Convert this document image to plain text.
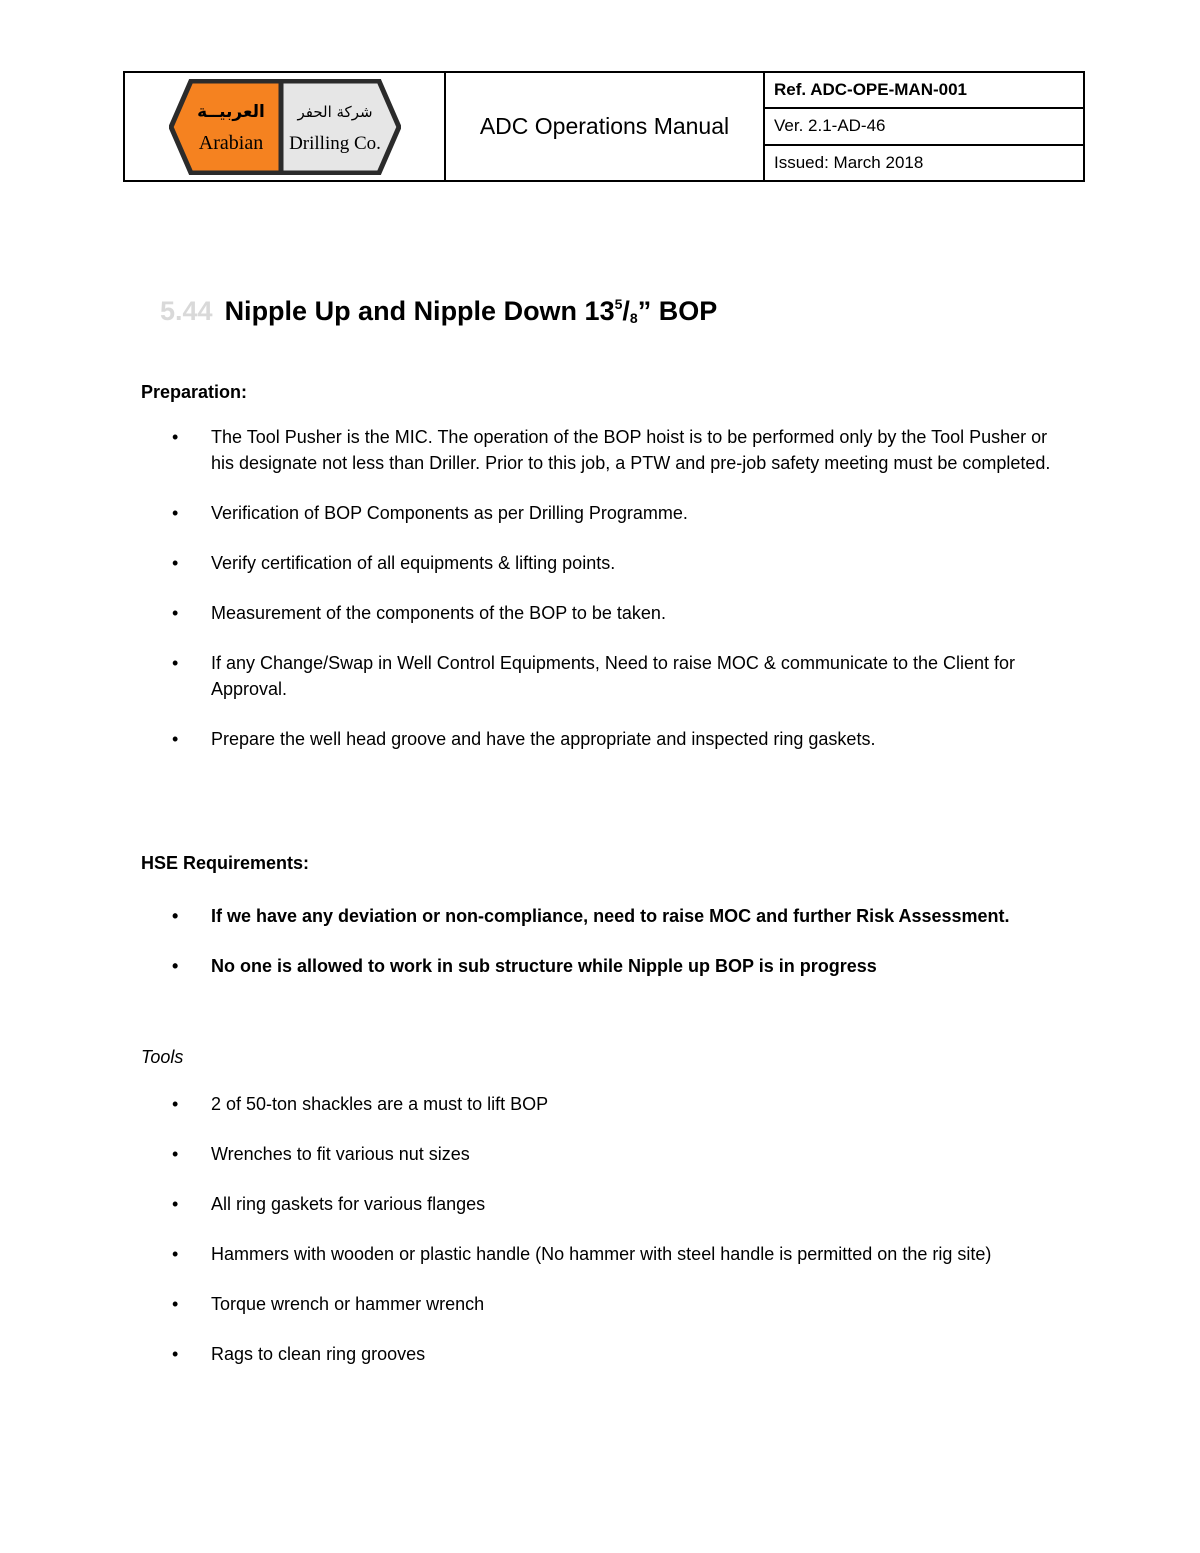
العربيــة
Arabian
شركة الحفر
Drilling Co.
ADC Operations Manual
Ref. ADC-OPE-MAN-001
Ver. 2.1-AD-46
Issued: March 2018
5.44 Nipple Up and Nipple Down $13^5/_8$” BOP
Preparation:
• The Tool Pusher is the MIC. The operation of the BOP hoist is to be performed only by the Tool Pusher or his designate not less than Driller. Prior to this job, a PTW and pre-job safety meeting must be completed.
• Verification of BOP Components as per Drilling Programme.
• Verify certification of all equipments & lifting points.
• Measurement of the components of the BOP to be taken.
• If any Change/Swap in Well Control Equipments, Need to raise MOC & communicate to the Client for Approval.
• Prepare the well head groove and have the appropriate and inspected ring gaskets.
HSE Requirements:
• If we have any deviation or non-compliance, need to raise MOC and further Risk Assessment.
• No one is allowed to work in sub structure while Nipple up BOP is in progress
Tools
• 2 of 50-ton shackles are a must to lift BOP
• Wrenches to fit various nut sizes
• All ring gaskets for various flanges
• Hammers with wooden or plastic handle (No hammer with steel handle is permitted on the rig site)
• Torque wrench or hammer wrench
• Rags to clean ring grooves
